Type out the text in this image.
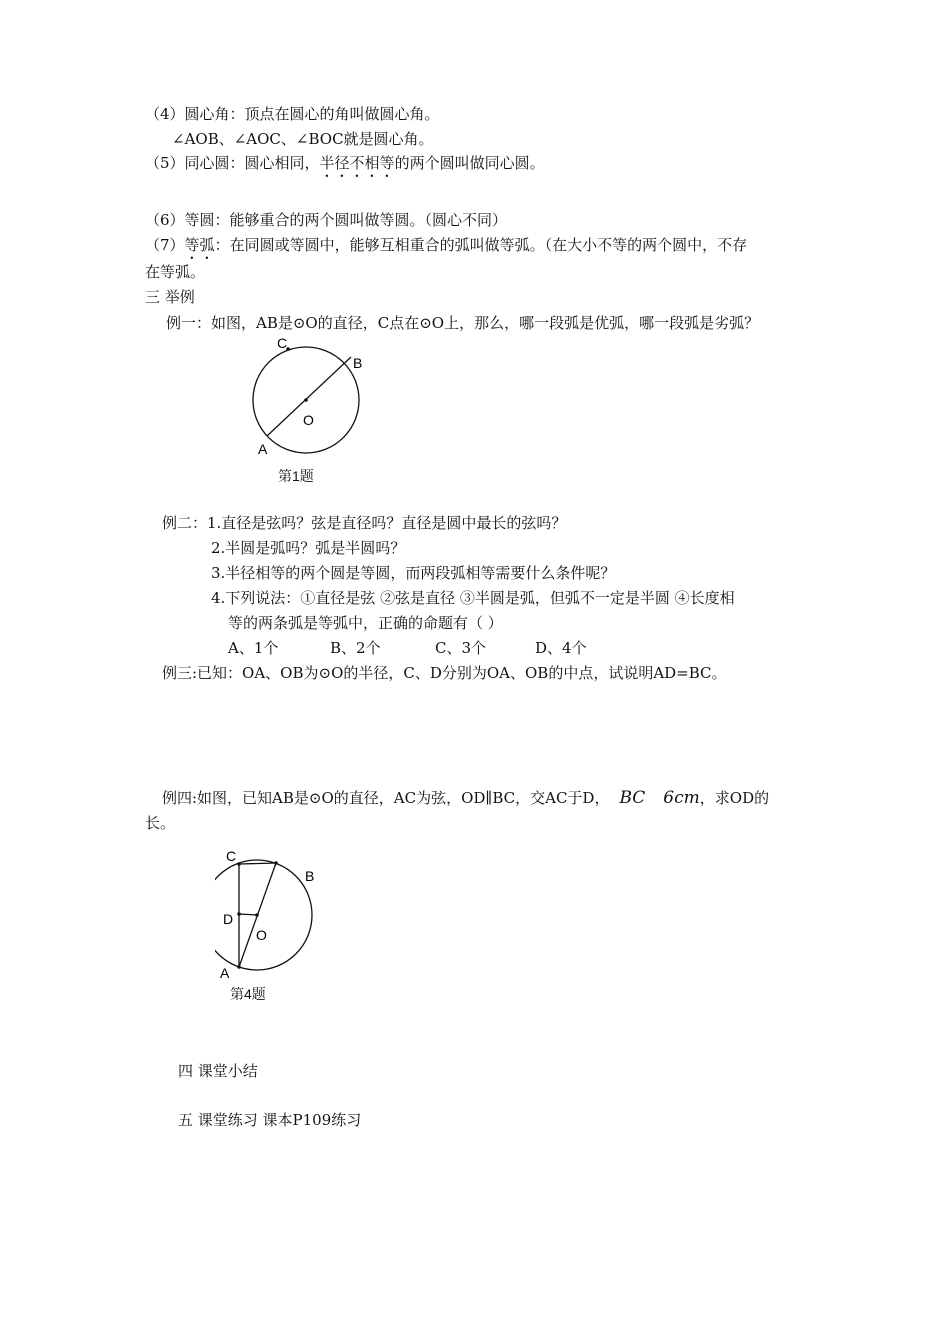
（4）圆心角：顶点在圆心的角叫做圆心角。
∠AOB、∠AOC、∠BOC就是圆心角。
（5）同心圆：圆心相同，半径不相等的两个圆叫做同心圆。
（6）等圆：能够重合的两个圆叫做等圆。（圆心不同）
（7）等弧：在同圆或等圆中，能够互相重合的弧叫做等弧。（在大小不等的两个圆中，不存
在等弧。
三 举例
例一：如图，AB是⊙O的直径，C点在⊙O上，那么，哪一段弧是优弧，哪一段弧是劣弧？
C
B
O
A
第1题
例二：1.直径是弦吗？弦是直径吗？直径是圆中最长的弦吗？
2.半圆是弧吗？弧是半圆吗？
3.半径相等的两个圆是等圆，而两段弧相等需要什么条件呢？
4.下列说法：①直径是弦 ②弦是直径 ③半圆是弧，但弧不一定是半圆 ④长度相
等的两条弧是等弧中，正确的命题有（ ）
A、1个	B、2个	C、3个	D、4个
例三:已知：OA、OB为⊙O的半径，C、D分别为OA、OB的中点，试说明AD=BC。
例四:如图，已知AB是⊙O的直径，AC为弦，OD∥BC，交AC于D， BC 6cm，求OD的
长。
C
B
D
O
A
第4题
四 课堂小结
五 课堂练习 课本P109练习
